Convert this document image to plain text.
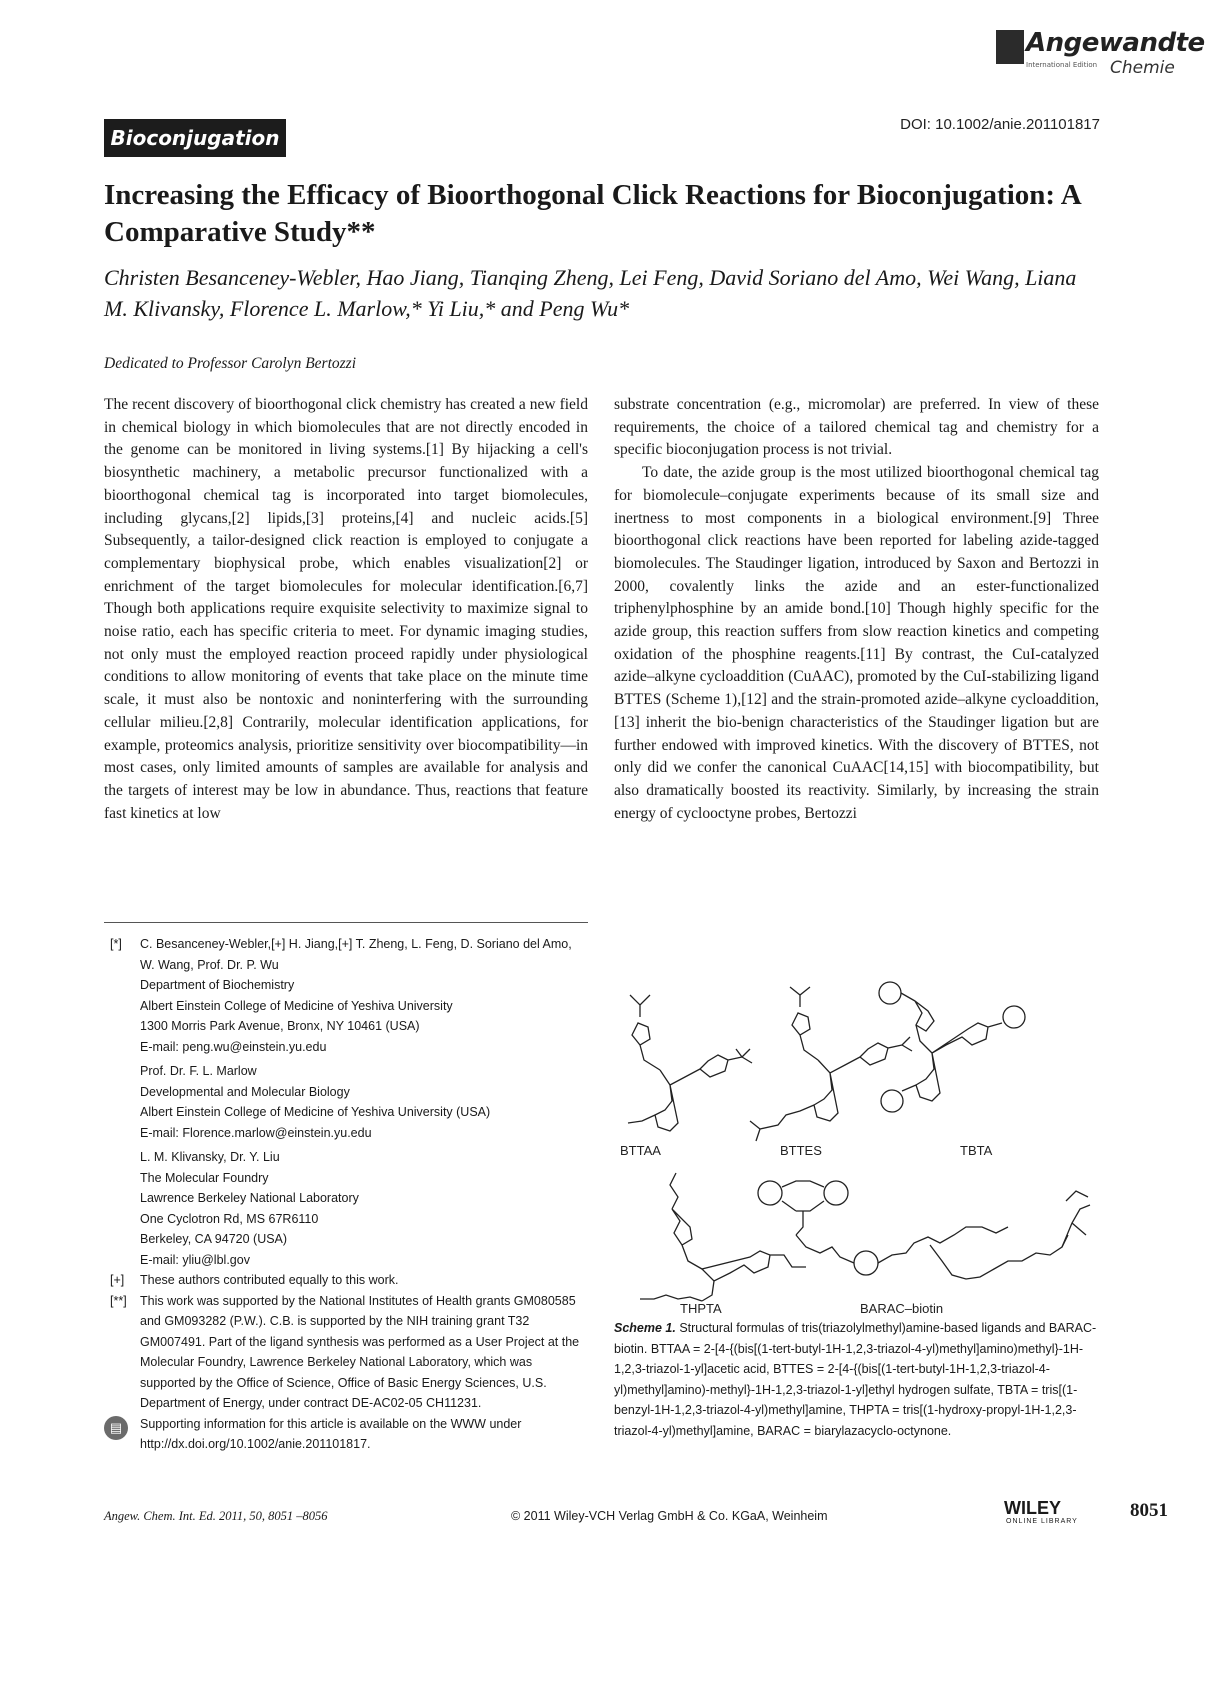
Angewandte
International Edition Chemie
Bioconjugation
DOI: 10.1002/anie.201101817
Increasing the Efficacy of Bioorthogonal Click Reactions for Bioconjugation: A Comparative Study**
Christen Besanceney-Webler, Hao Jiang, Tianqing Zheng, Lei Feng, David Soriano del Amo, Wei Wang, Liana M. Klivansky, Florence L. Marlow,* Yi Liu,* and Peng Wu*
Dedicated to Professor Carolyn Bertozzi

The recent discovery of bioorthogonal click chemistry has created a new field in chemical biology in which biomolecules that are not directly encoded in the genome can be monitored in living systems.[1] By hijacking a cell's biosynthetic machinery, a metabolic precursor functionalized with a bioorthogonal chemical tag is incorporated into target biomolecules, including glycans,[2] lipids,[3] proteins,[4] and nucleic acids.[5] Subsequently, a tailor-designed click reaction is employed to conjugate a complementary biophysical probe, which enables visualization[2] or enrichment of the target biomolecules for molecular identification.[6,7] Though both applications require exquisite selectivity to maximize signal to noise ratio, each has specific criteria to meet. For dynamic imaging studies, not only must the employed reaction proceed rapidly under physiological conditions to allow monitoring of events that take place on the minute time scale, it must also be nontoxic and noninterfering with the surrounding cellular milieu.[2,8] Contrarily, molecular identification applications, for example, proteomics analysis, prioritize sensitivity over biocompatibility—in most cases, only limited amounts of samples are available for analysis and the targets of interest may be low in abundance. Thus, reactions that feature fast kinetics at low

substrate concentration (e.g., micromolar) are preferred. In view of these requirements, the choice of a tailored chemical tag and chemistry for a specific bioconjugation process is not trivial.

To date, the azide group is the most utilized bioorthogonal chemical tag for biomolecule–conjugate experiments because of its small size and inertness to most components in a biological environment.[9] Three bioorthogonal click reactions have been reported for labeling azide-tagged biomolecules. The Staudinger ligation, introduced by Saxon and Bertozzi in 2000, covalently links the azide and an ester-functionalized triphenylphosphine by an amide bond.[10] Though highly specific for the azide group, this reaction suffers from slow reaction kinetics and competing oxidation of the phosphine reagents.[11] By contrast, the CuI-catalyzed azide–alkyne cycloaddition (CuAAC), promoted by the CuI-stabilizing ligand BTTES (Scheme 1),[12] and the strain-promoted azide–alkyne cycloaddition,[13] inherit the bio-benign characteristics of the Staudinger ligation but are further endowed with improved kinetics. With the discovery of BTTES, not only did we confer the canonical CuAAC[14,15] with biocompatibility, but also dramatically boosted its reactivity. Similarly, by increasing the strain energy of cyclooctyne probes, Bertozzi

[*] C. Besanceney-Webler,[+] H. Jiang,[+] T. Zheng, L. Feng, D. Soriano del Amo, W. Wang, Prof. Dr. P. Wu
Department of Biochemistry
Albert Einstein College of Medicine of Yeshiva University
1300 Morris Park Avenue, Bronx, NY 10461 (USA)
E-mail: peng.wu@einstein.yu.edu
Prof. Dr. F. L. Marlow
Developmental and Molecular Biology
Albert Einstein College of Medicine of Yeshiva University (USA)
E-mail: Florence.marlow@einstein.yu.edu
L. M. Klivansky, Dr. Y. Liu
The Molecular Foundry
Lawrence Berkeley National Laboratory
One Cyclotron Rd, MS 67R6110
Berkeley, CA 94720 (USA)
E-mail: yliu@lbl.gov
[+] These authors contributed equally to this work.
[**] This work was supported by the National Institutes of Health grants GM080585 and GM093282 (P.W.). C.B. is supported by the NIH training grant T32 GM007491. Part of the ligand synthesis was performed as a User Project at the Molecular Foundry, Lawrence Berkeley National Laboratory, which was supported by the Office of Science, Office of Basic Energy Sciences, U.S. Department of Energy, under contract DE-AC02-05 CH11231.
▤	Supporting information for this article is available on the WWW under http://dx.doi.org/10.1002/anie.201101817.
BTTAA	BTTES	TBTA
THPTA	BARAC–biotin
Scheme 1. Structural formulas of tris(triazolylmethyl)amine-based ligands and BARAC-biotin. BTTAA = 2-[4-{(bis[(1-tert-butyl-1H-1,2,3-triazol-4-yl)methyl]amino)methyl}-1H-1,2,3-triazol-1-yl]acetic acid, BTTES = 2-[4-{(bis[(1-tert-butyl-1H-1,2,3-triazol-4-yl)methyl]amino)-methyl}-1H-1,2,3-triazol-1-yl]ethyl hydrogen sulfate, TBTA = tris[(1-benzyl-1H-1,2,3-triazol-4-yl)methyl]amine, THPTA = tris[(1-hydroxy-propyl-1H-1,2,3-triazol-4-yl)methyl]amine, BARAC = biarylazacyclo-octynone.
Angew. Chem. Int. Ed. 2011, 50, 8051 –8056	© 2011 Wiley-VCH Verlag GmbH & Co. KGaA, Weinheim	WILEY
ONLINE LIBRARY
8051
